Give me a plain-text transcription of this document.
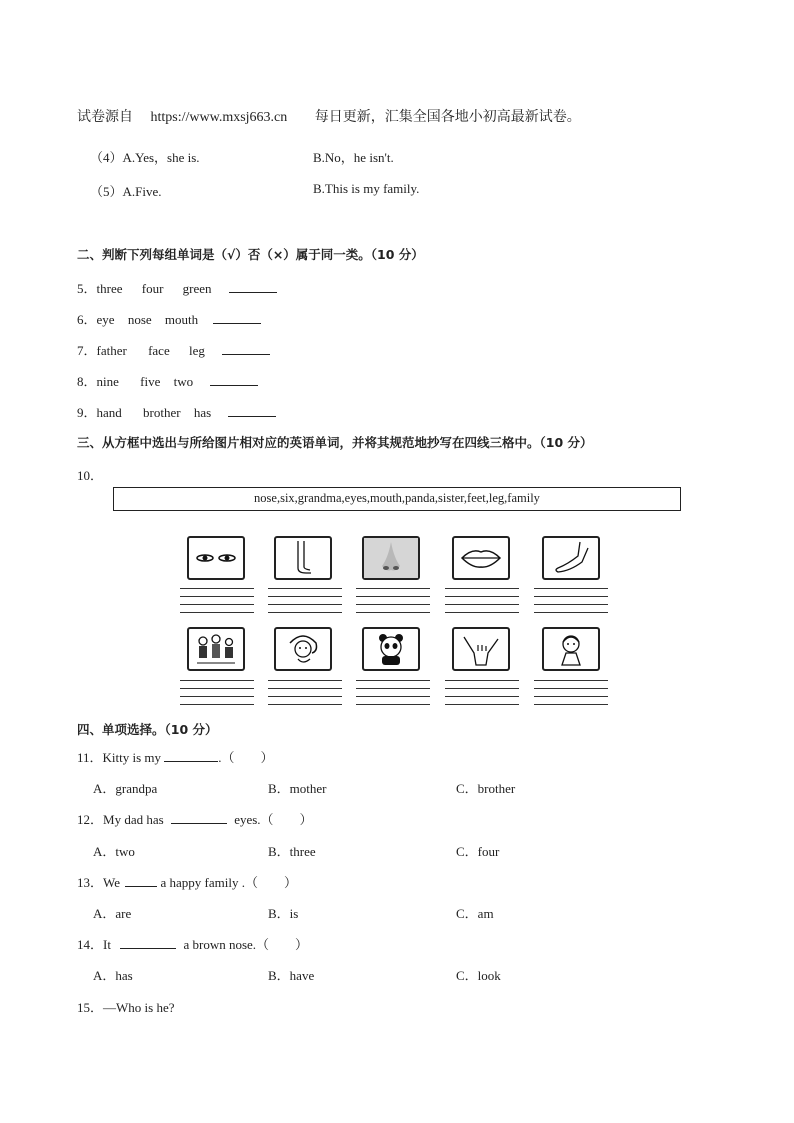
试卷源自 https://www.mxsj663.cn 每日更新，汇集全国各地小初高最新试卷。
（4）A.Yes，she is.	B.No，he isn't.
（5）A.Five.	B.This is my family.
二、判断下列每组单词是（√）否（×）属于同一类。（10 分）
5．three four green
6．eye nose mouth
7．father face leg
8．nine five two
9．hand brother has
三、从方框中选出与所给图片相对应的英语单词，并将其规范地抄写在四线三格中。（10 分）
10．
nose,six,grandma,eyes,mouth,panda,sister,feet,leg,family
四、单项选择。（10 分）
11．Kitty is my	.（　　）
A．grandpa	B．mother	C．brother
12．My dad has	eyes.（　　）
A．two	B．three	C．four
13．We	a happy family .（　　）
A．are	B．is	C．am
14．It	a brown nose.（　　）
A．has	B．have	C．look
15．—Who is he?
